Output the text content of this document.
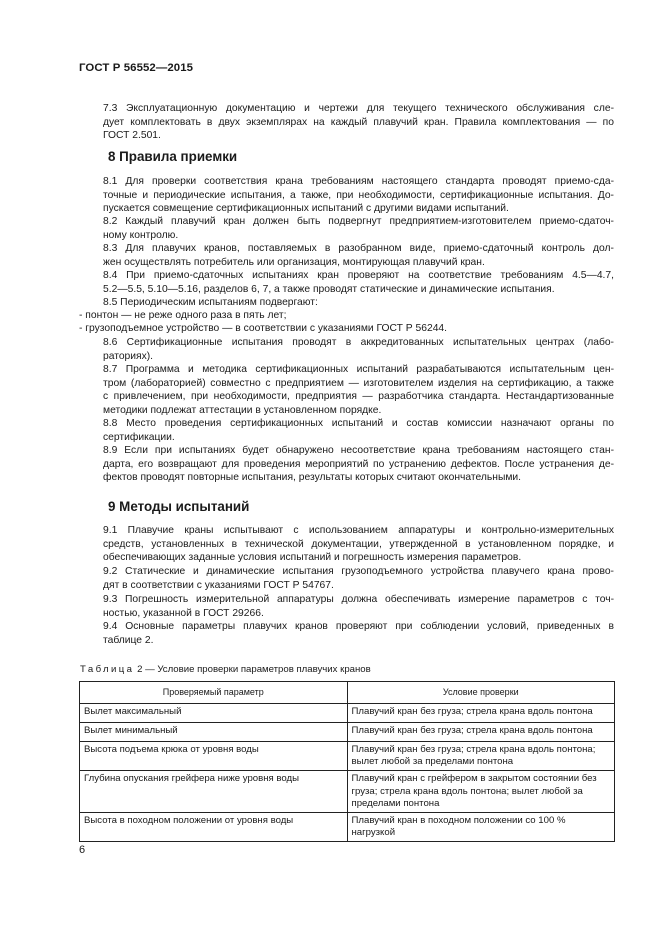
ГОСТ Р 56552—2015
7.3 Эксплуатационную документацию и чертежи для текущего технического обслуживания сле-
дует комплектовать в двух экземплярах на каждый плавучий кран. Правила комплектования — по
ГОСТ 2.501.
8 Правила приемки
8.1 Для проверки соответствия крана требованиям настоящего стандарта проводят приемо-сда-
точные и периодические испытания, а также, при необходимости, сертификационные испытания. До-
пускается совмещение сертификационных испытаний с другими видами испытаний.
8.2 Каждый плавучий кран должен быть подвергнут предприятием-изготовителем приемо-сдаточ-
ному контролю.
8.3 Для плавучих кранов, поставляемых в разобранном виде, приемо-сдаточный контроль дол-
жен осуществлять потребитель или организация, монтирующая плавучий кран.
8.4 При приемо-сдаточных испытаниях кран проверяют на соответствие требованиям 4.5—4.7,
5.2—5.5, 5.10—5.16, разделов 6, 7, а также проводят статические и динамические испытания.
8.5 Периодическим испытаниям подвергают:
- понтон — не реже одного раза в пять лет;
- грузоподъемное устройство — в соответствии с указаниями ГОСТ Р 56244.
8.6 Сертификационные испытания проводят в аккредитованных испытательных центрах (лабо-
раториях).
8.7 Программа и методика сертификационных испытаний разрабатываются испытательным цен-
тром (лабораторией) совместно с предприятием — изготовителем изделия на сертификацию, а также
с привлечением, при необходимости, предприятия — разработчика стандарта. Нестандартизованные
методики подлежат аттестации в установленном порядке.
8.8 Место проведения сертификационных испытаний и состав комиссии назначают органы по
сертификации.
8.9 Если при испытаниях будет обнаружено несоответствие крана требованиям настоящего стан-
дарта, его возвращают для проведения мероприятий по устранению дефектов. После устранения де-
фектов проводят повторные испытания, результаты которых считают окончательными.
9 Методы испытаний
9.1 Плавучие краны испытывают с использованием аппаратуры и контрольно-измерительных
средств, установленных в технической документации, утвержденной в установленном порядке, и
обеспечивающих заданные условия испытаний и погрешность измерения параметров.
9.2 Статические и динамические испытания грузоподъемного устройства плавучего крана прово-
дят в соответствии с указаниями ГОСТ Р 54767.
9.3 Погрешность измерительной аппаратуры должна обеспечивать измерение параметров с точ-
ностью, указанной в ГОСТ 29266.
9.4 Основные параметры плавучих кранов проверяют при соблюдении условий, приведенных в
таблице 2.
Таблица 2 — Условие проверки параметров плавучих кранов
Проверяемый параметр	Условие проверки
Вылет максимальный	Плавучий кран без груза; стрела крана вдоль понтона
Вылет минимальный	Плавучий кран без груза; стрела крана вдоль понтона
Высота подъема крюка от уровня воды	Плавучий кран без груза; стрела крана вдоль понтона; вылет любой за пределами понтона
Глубина опускания грейфера ниже уровня воды	Плавучий кран с грейфером в закрытом состоянии без груза; стрела крана вдоль понтона; вылет любой за пределами понтона
Высота в походном положении от уровня воды	Плавучий кран в походном положении со 100 % нагрузкой
6
